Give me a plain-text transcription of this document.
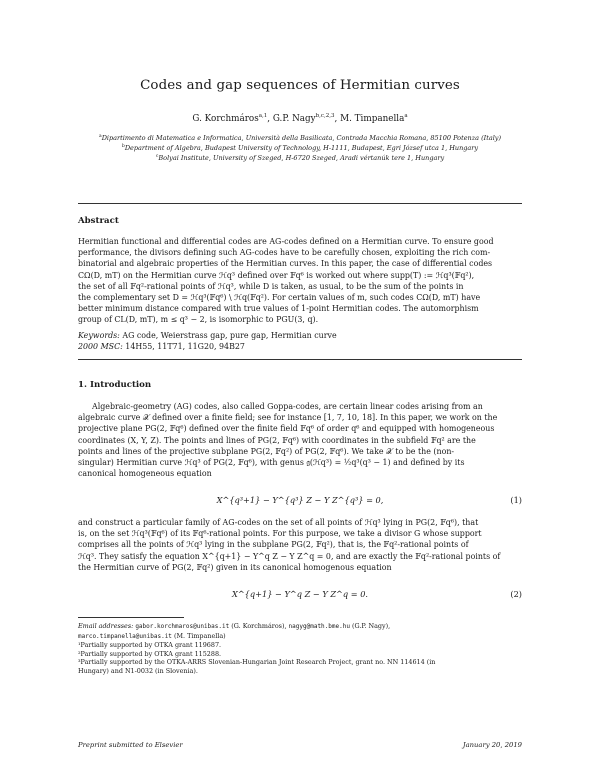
Codes and gap sequences of Hermitian curves
G. Korchmáros$^{a,1}$, G.P. Nagy$^{b,c,2,3}$, M. Timpanella$^a$
$^a$Dipartimento di Matematica e Informatica, Università della Basilicata, Contrada Macchia Romana, 85100 Potenza (Italy)
$^b$Department of Algebra, Budapest University of Technology, H-1111, Budapest, Egri József utca 1, Hungary
$^c$Bolyai Institute, University of Szeged, H-6720 Szeged, Aradi vértanúk tere 1, Hungary
Abstract
Hermitian functional and differential codes are AG-codes defined on a Hermitian curve. To ensure good
performance, the divisors defining such AG-codes have to be carefully chosen, exploiting the rich com-
binatorial and algebraic properties of the Hermitian curves. In this paper, the case of differential codes
CΩ(D, mT) on the Hermitian curve ℋq³ defined over 𝔽q⁶ is worked out where supp(T) := ℋq³(𝔽q²),
the set of all 𝔽q²-rational points of ℋq³, while D is taken, as usual, to be the sum of the points in
the complementary set D = ℋq³(𝔽q⁶) \ ℋq(𝔽q²). For certain values of m, such codes CΩ(D, mT) have
better minimum distance compared with true values of 1-point Hermitian codes. The automorphism
group of CL(D, mT), m ≤ q³ − 2, is isomorphic to PGU(3, q).
Keywords: AG code, Weierstrass gap, pure gap, Hermitian curve
2000 MSC: 14H55, 11T71, 11G20, 94B27
1. Introduction
Algebraic-geometry (AG) codes, also called Goppa-codes, are certain linear codes arising from an
algebraic curve 𝒳 defined over a finite field; see for instance [1, 7, 10, 18]. In this paper, we work on the
projective plane PG(2, 𝔽q⁶) defined over the finite field 𝔽q⁶ of order q⁶ and equipped with homogeneous
coordinates (X, Y, Z). The points and lines of PG(2, 𝔽q⁶) with coordinates in the subfield 𝔽q² are the
points and lines of the projective subplane PG(2, 𝔽q²) of PG(2, 𝔽q⁶). We take 𝒳 to be the (non-
singular) Hermitian curve ℋq³ of PG(2, 𝔽q⁶), with genus 𝔤(ℋq³) = ½q³(q³ − 1) and defined by its
canonical homogeneous equation
X^{q³+1} − Y^{q³} Z − Y Z^{q³} = 0,	(1)
and construct a particular family of AG-codes on the set of all points of ℋq³ lying in PG(2, 𝔽q⁶), that
is, on the set ℋq³(𝔽q⁶) of its 𝔽q⁶-rational points. For this purpose, we take a divisor G whose support
comprises all the points of ℋq³ lying in the subplane PG(2, 𝔽q²), that is, the 𝔽q²-rational points of
ℋq³. They satisfy the equation X^{q+1} − Y^q Z − Y Z^q = 0, and are exactly the 𝔽q²-rational points of
the Hermitian curve of PG(2, 𝔽q²) given in its canonical homogenous equation
X^{q+1} − Y^q Z − Y Z^q = 0.	(2)
Email addresses: gabor.korchmaros@unibas.it (G. Korchmáros), nagyg@math.bme.hu (G.P. Nagy),
marco.timpanella@unibas.it (M. Timpanella)
¹Partially supported by OTKA grant 119687.
²Partially supported by OTKA grant 115288.
³Partially supported by the OTKA-ARRS Slovenian-Hungarian Joint Research Project, grant no. NN 114614 (in
Hungary) and N1-0032 (in Slovenia).
Preprint submitted to Elsevier	January 20, 2019
